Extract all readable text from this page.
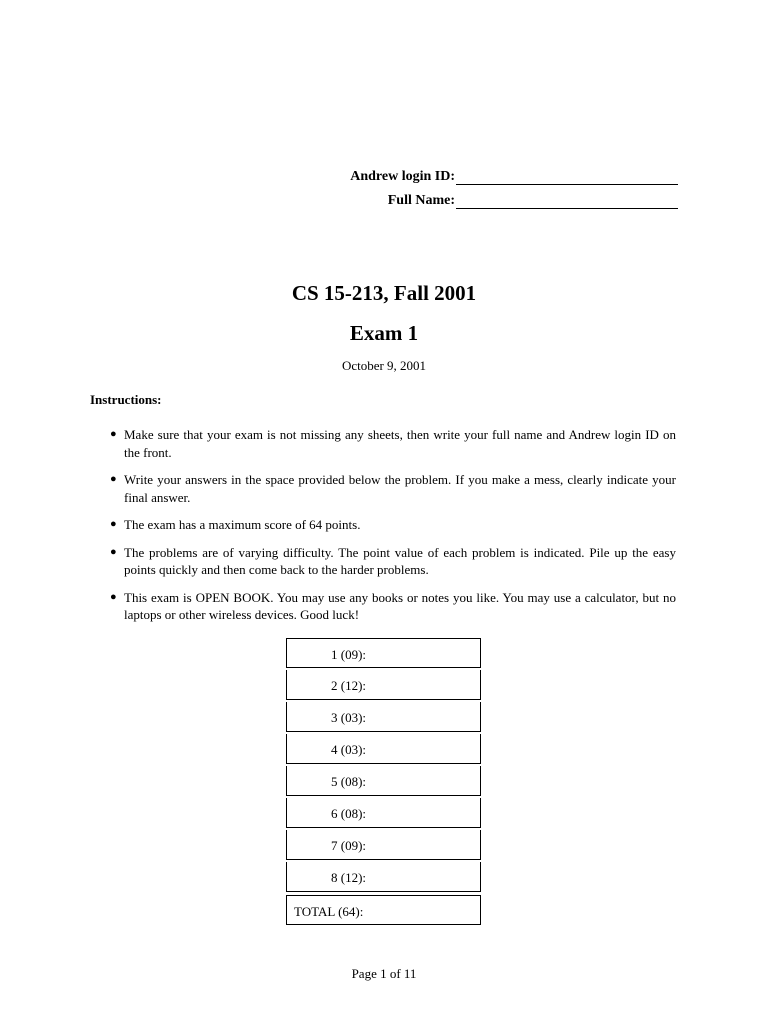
Andrew login ID:
Full Name:
CS 15-213, Fall 2001
Exam 1
October 9, 2001
Instructions:
● Make sure that your exam is not missing any sheets, then write your full name and Andrew login ID on the front.
● Write your answers in the space provided below the problem. If you make a mess, clearly indicate your final answer.
● The exam has a maximum score of 64 points.
● The problems are of varying difficulty. The point value of each problem is indicated. Pile up the easy points quickly and then come back to the harder problems.
● This exam is OPEN BOOK. You may use any books or notes you like. You may use a calculator, but no laptops or other wireless devices. Good luck!
1 (09):
2 (12):
3 (03):
4 (03):
5 (08):
6 (08):
7 (09):
8 (12):
TOTAL (64):
Page 1 of 11
